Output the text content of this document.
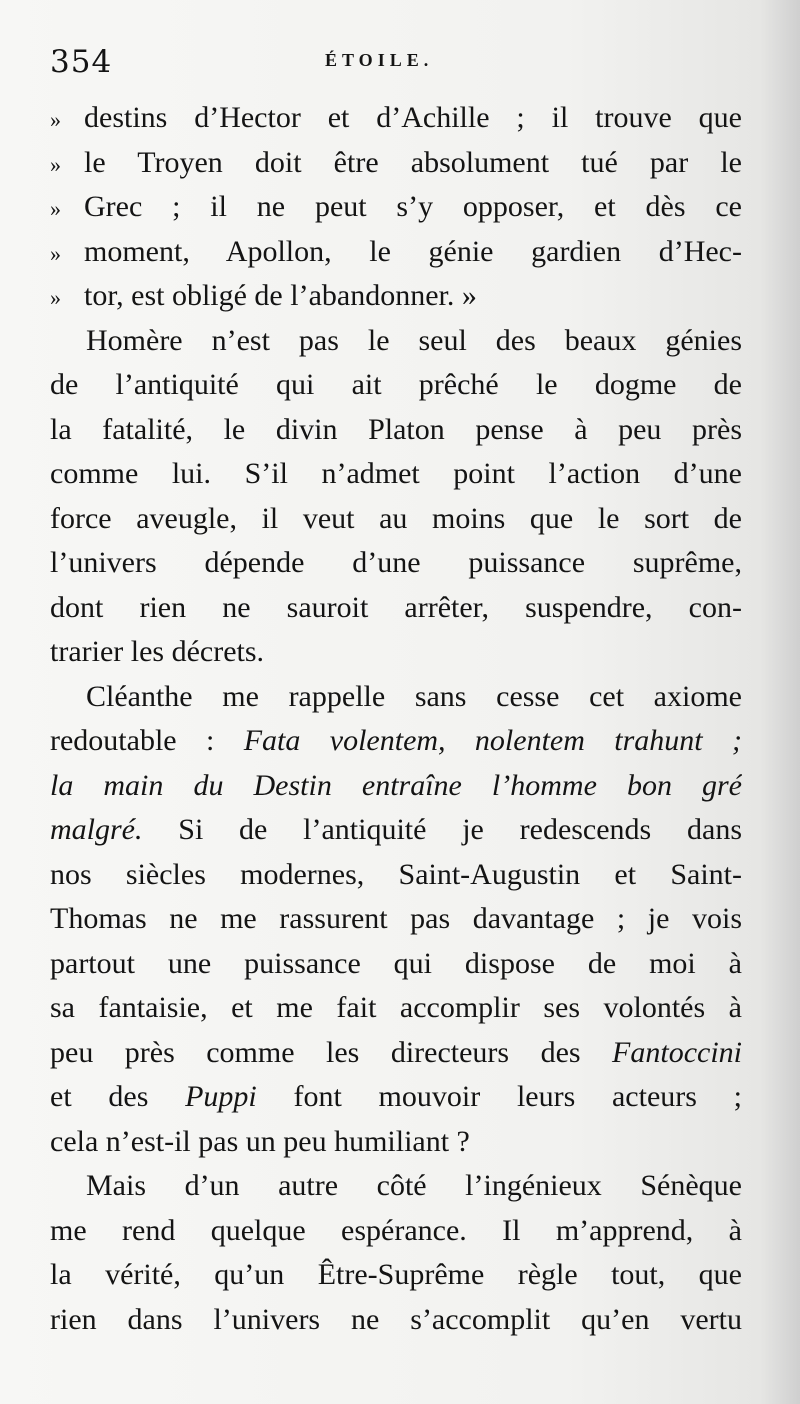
354	ÉTOILE.
» destins d’Hector et d’Achille ; il trouve que
» le Troyen doit être absolument tué par le
» Grec ; il ne peut s’y opposer, et dès ce
» moment, Apollon, le génie gardien d’Hec-
» tor, est obligé de l’abandonner. »
Homère n’est pas le seul des beaux génies
de l’antiquité qui ait prêché le dogme de
la fatalité, le divin Platon pense à peu près
comme lui. S’il n’admet point l’action d’une
force aveugle, il veut au moins que le sort de
l’univers dépende d’une puissance suprême,
dont rien ne sauroit arrêter, suspendre, con-
trarier les décrets.
Cléanthe me rappelle sans cesse cet axiome
redoutable : Fata volentem, nolentem trahunt ;
la main du Destin entraîne l’homme bon gré
malgré. Si de l’antiquité je redescends dans
nos siècles modernes, Saint-Augustin et Saint-
Thomas ne me rassurent pas davantage ; je vois
partout une puissance qui dispose de moi à
sa fantaisie, et me fait accomplir ses volontés à
peu près comme les directeurs des Fantoccini
et des Puppi font mouvoir leurs acteurs ;
cela n’est-il pas un peu humiliant ?
Mais d’un autre côté l’ingénieux Sénèque
me rend quelque espérance. Il m’apprend, à
la vérité, qu’un Être-Suprême règle tout, que
rien dans l’univers ne s’accomplit qu’en vertu
